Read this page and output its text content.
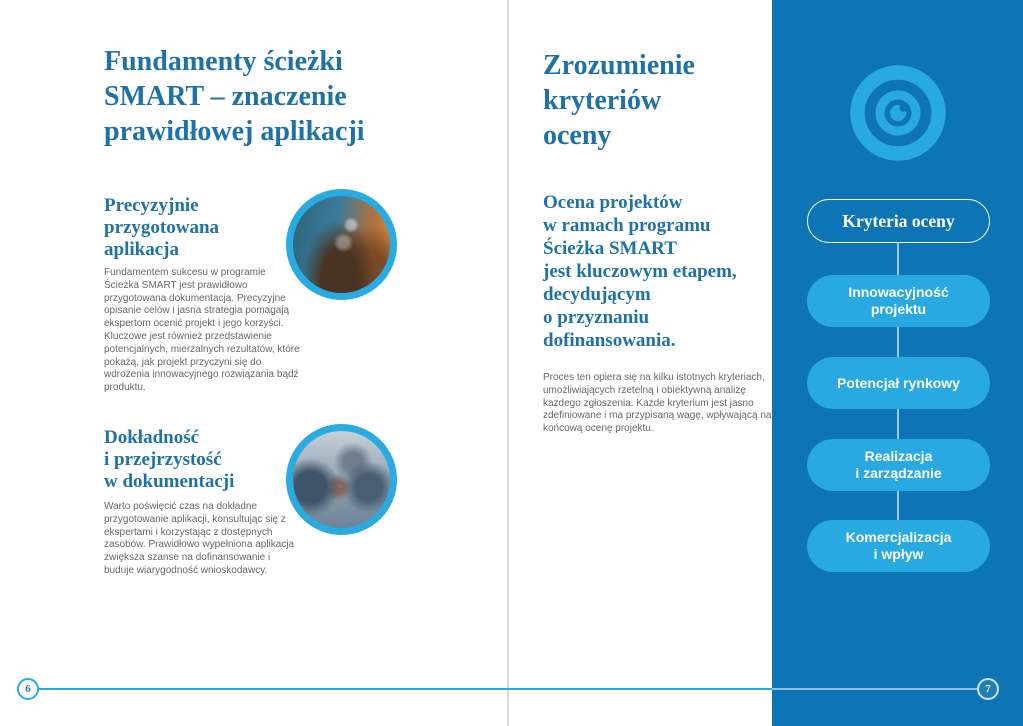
Fundamenty ścieżki SMART – znaczenie prawidłowej aplikacji
Precyzyjnie przygotowana aplikacja

Fundamentem sukcesu w programie Ścieżka SMART jest prawidłowo przygotowana dokumentacja. Precyzyjne opisanie celów i jasna strategia pomagają ekspertom ocenić projekt i jego korzyści. Kluczowe jest również przedstawienie potencjalnych, mierzalnych rezultatów, które pokażą, jak projekt przyczyni się do wdrożenia innowacyjnego rozwiązania bądź produktu.

Dokładność i przejrzystość w dokumentacji

Warto poświęcić czas na dokładne przygotowanie aplikacji, konsultując się z ekspertami i korzystając z dostępnych zasobów. Prawidłowo wypełniona aplikacja zwiększa szanse na dofinansowanie i buduje wiarygodność wnioskodawcy.

Zrozumienie kryteriów oceny

Ocena projektów w ramach programu Ścieżka SMART jest kluczowym etapem, decydującym o przyznaniu dofinansowania.

Proces ten opiera się na kilku istotnych kryteriach, umożliwiających rzetelną i obiektywną analizę każdego zgłoszenia. Każde kryterium jest jasno zdefiniowane i ma przypisaną wagę, wpływającą na końcową ocenę projektu.

Kryteria oceny
Innowacyjność projektu
Potencjał rynkowy
Realizacja i zarządzanie
Komercjalizacja i wpływ
6	7
